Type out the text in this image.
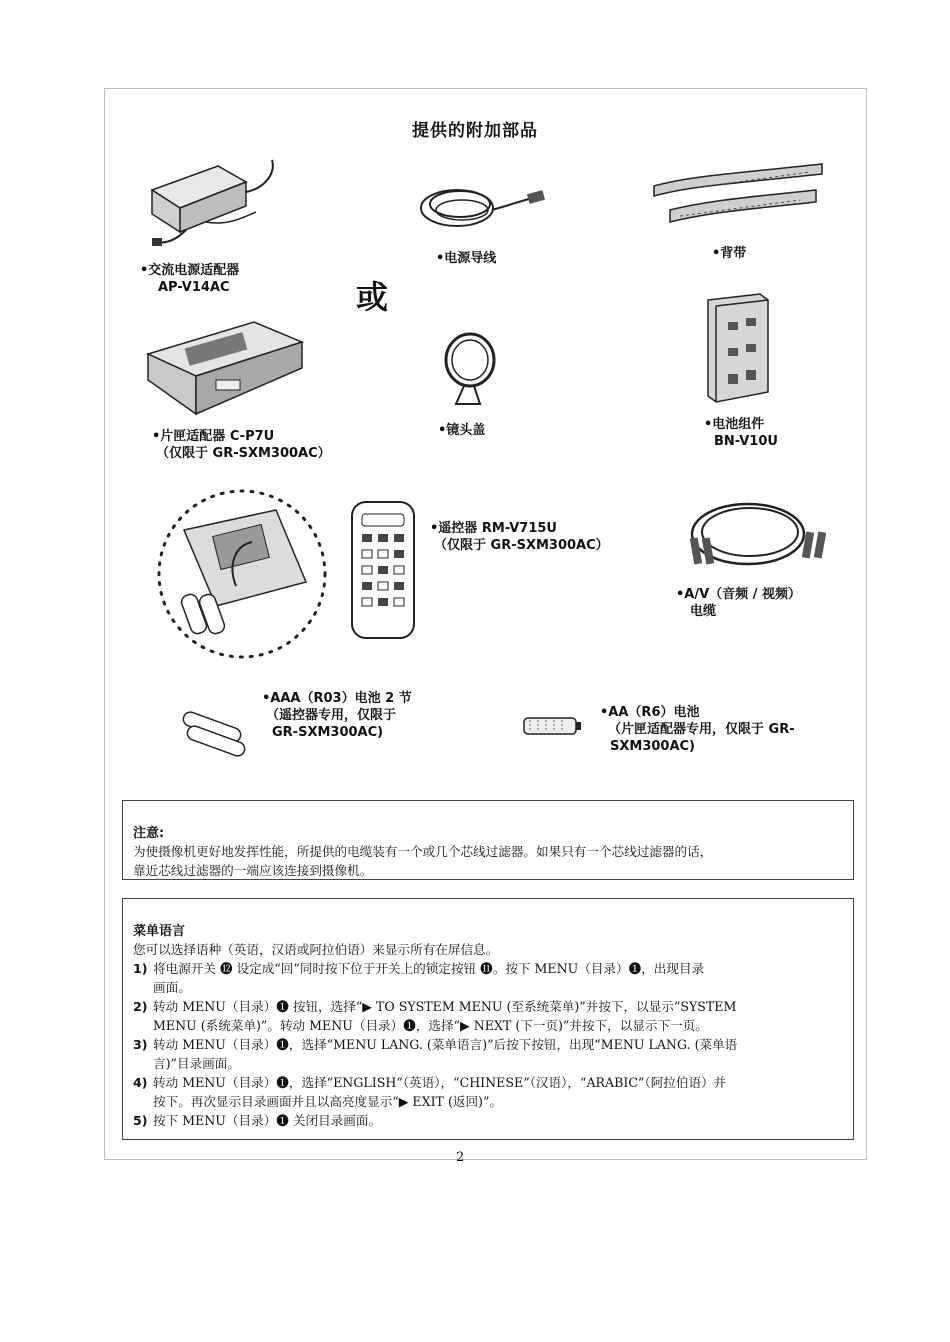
提供的附加部品
•交流电源适配器
AP-V14AC	或
•电源导线	•背带
•片匣适配器 C-P7U
（仅限于 GR-SXM300AC）
•镜头盖	•电池组件
BN-V10U
•遥控器 RM-V715U
（仅限于 GR-SXM300AC）
•A/V（音频 / 视频）
电缆
•AAA（R03）电池 2 节
（遥控器专用，仅限于
GR-SXM300AC)
•AA（R6）电池
（片匣适配器专用，仅限于 GR-
SXM300AC)
注意:
为使摄像机更好地发挥性能，所提供的电缆装有一个或几个芯线过滤器。如果只有一个芯线过滤器的话，
靠近芯线过滤器的一端应该连接到摄像机。
菜单语言
您可以选择语种（英语，汉语或阿拉伯语）来显示所有在屏信息。
1) 将电源开关 ⓬ 设定成“回”同时按下位于开关上的锁定按钮 ⓫。按下 MENU（目录）❶，出现目录
画面。
2) 转动 MENU（目录）❶ 按钮，选择“▶ TO SYSTEM MENU (至系统菜单)”并按下，以显示“SYSTEM
MENU (系统菜单)”。转动 MENU（目录）❶，选择“▶ NEXT (下一页)”并按下，以显示下一页。
3) 转动 MENU（目录）❶，选择“MENU LANG. (菜单语言)”后按下按钮，出现“MENU LANG. (菜单语
言)”目录画面。
4) 转动 MENU（目录）❶，选择“ENGLISH”（英语），“CHINESE”（汉语），“ARABIC”（阿拉伯语）并
按下。再次显示目录画面并且以高亮度显示“▶ EXIT (返回)”。
5) 按下 MENU（目录）❶ 关闭目录画面。
2
